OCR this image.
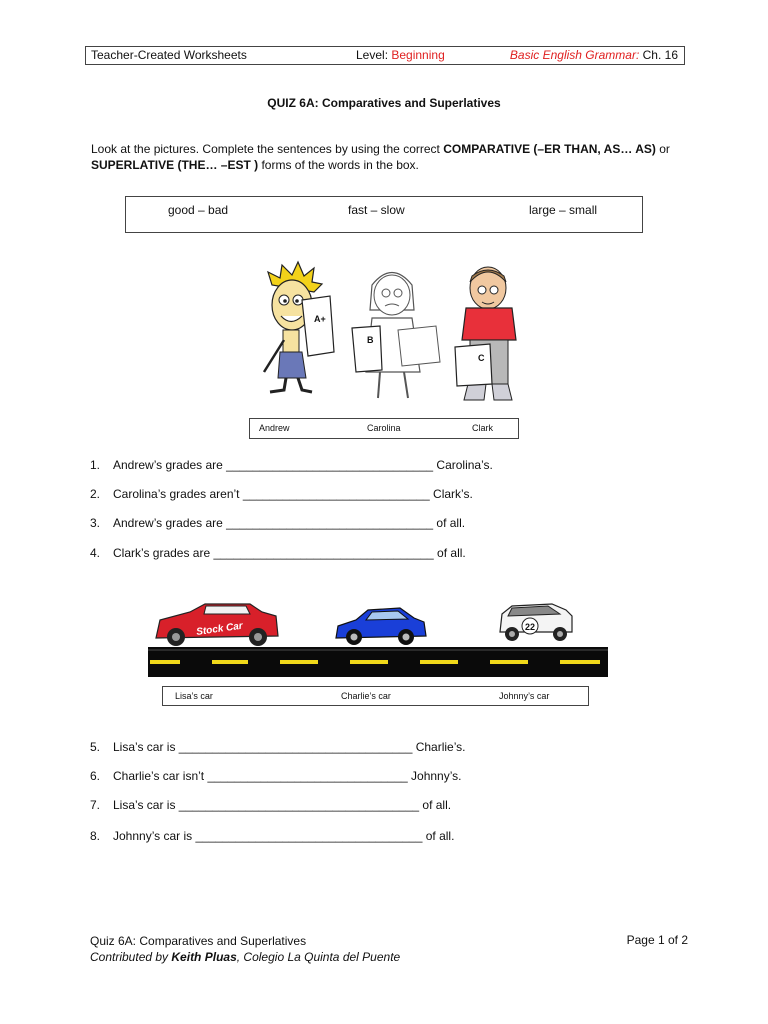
Teacher-Created Worksheets	Level: Beginning	Basic English Grammar: Ch. 16
QUIZ 6A: Comparatives and Superlatives
Look at the pictures. Complete the sentences by using the correct COMPARATIVE (–ER THAN, AS… AS) or SUPERLATIVE (THE… –EST ) forms of the words in the box.
good – bad	fast – slow	large – small
A+
B
C
Andrew	Carolina	Clark
1. Andrew’s grades are _______________________________ Carolina’s.
2. Carolina’s grades aren’t ____________________________ Clark’s.
3. Andrew’s grades are _______________________________ of all.
4. Clark’s grades are _________________________________ of all.
Stock Car	22
Lisa’s car	Charlie’s car	Johnny’s car
5. Lisa’s car is ___________________________________ Charlie’s.
6. Charlie’s car isn’t ______________________________ Johnny’s.
7. Lisa’s car is ____________________________________ of all.
8. Johnny’s car is __________________________________ of all.
Quiz 6A: Comparatives and Superlatives
Contributed by Keith Pluas, Colegio La Quinta del Puente
Page 1 of 2
